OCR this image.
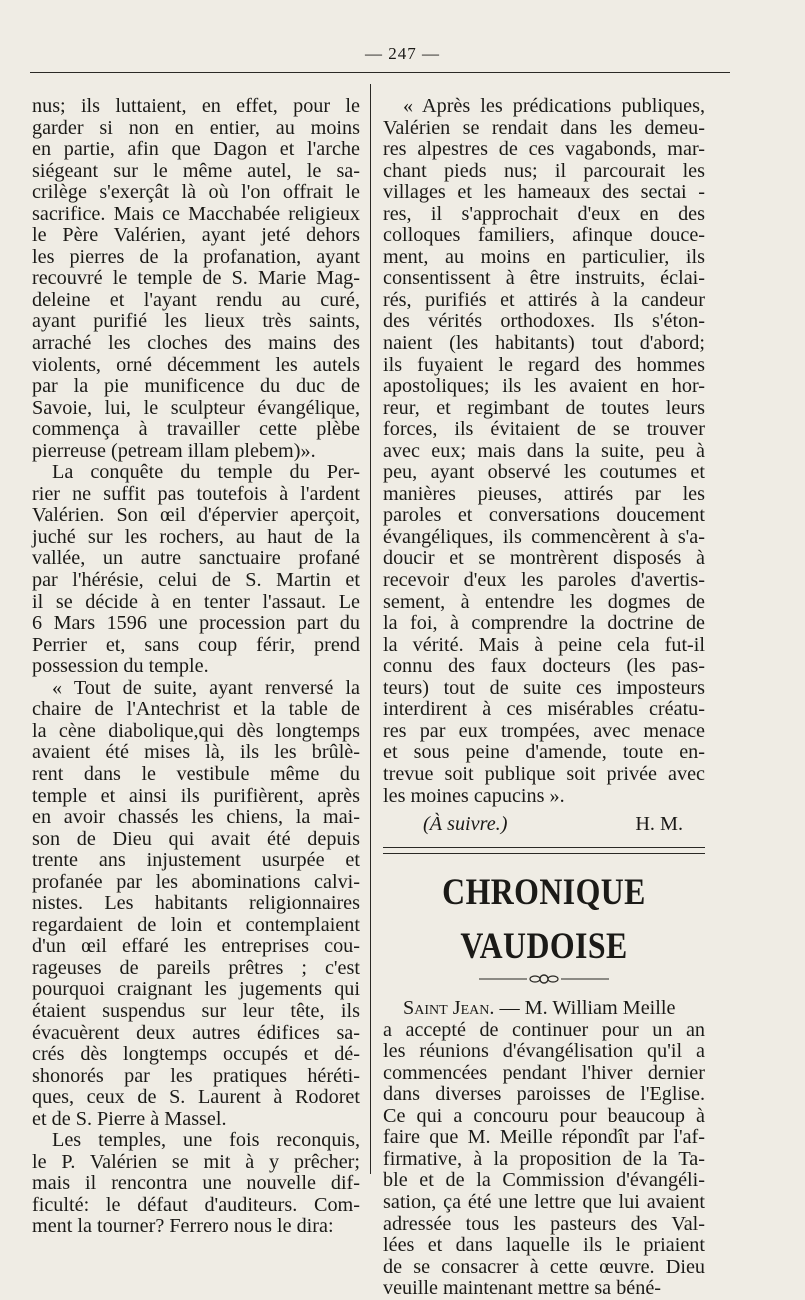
— 247 —
nus; ils luttaient, en effet, pour le
garder si non en entier, au moins
en partie, afin que Dagon et l'arche
siégeant sur le même autel, le sa-
crilège s'exerçât là où l'on offrait le
sacrifice. Mais ce Macchabée religieux
le Père Valérien, ayant jeté dehors
les pierres de la profanation, ayant
recouvré le temple de S. Marie Mag-
deleine et l'ayant rendu au curé,
ayant purifié les lieux très saints,
arraché les cloches des mains des
violents, orné décemment les autels
par la pie munificence du duc de
Savoie, lui, le sculpteur évangélique,
commença à travailler cette plèbe
pierreuse (petream illam plebem)».
La conquête du temple du Per-
rier ne suffit pas toutefois à l'ardent
Valérien. Son œil d'épervier aperçoit,
juché sur les rochers, au haut de la
vallée, un autre sanctuaire profané
par l'hérésie, celui de S. Martin et
il se décide à en tenter l'assaut. Le
6 Mars 1596 une procession part du
Perrier et, sans coup férir, prend
possession du temple.
« Tout de suite, ayant renversé la
chaire de l'Antechrist et la table de
la cène diabolique,qui dès longtemps
avaient été mises là, ils les brûlè-
rent dans le vestibule même du
temple et ainsi ils purifièrent, après
en avoir chassés les chiens, la mai-
son de Dieu qui avait été depuis
trente ans injustement usurpée et
profanée par les abominations calvi-
nistes. Les habitants religionnaires
regardaient de loin et contemplaient
d'un œil effaré les entreprises cou-
rageuses de pareils prêtres ; c'est
pourquoi craignant les jugements qui
étaient suspendus sur leur tête, ils
évacuèrent deux autres édifices sa-
crés dès longtemps occupés et dé-
shonorés par les pratiques héréti-
ques, ceux de S. Laurent à Rodoret
et de S. Pierre à Massel.
Les temples, une fois reconquis,
le P. Valérien se mit à y prêcher;
mais il rencontra une nouvelle dif-
ficulté: le défaut d'auditeurs. Com-
ment la tourner? Ferrero nous le dira:
« Après les prédications publiques,
Valérien se rendait dans les demeu-
res alpestres de ces vagabonds, mar-
chant pieds nus; il parcourait les
villages et les hameaux des sectai -
res, il s'approchait d'eux en des
colloques familiers, afinque douce-
ment, au moins en particulier, ils
consentissent à être instruits, éclai-
rés, purifiés et attirés à la candeur
des vérités orthodoxes. Ils s'éton-
naient (les habitants) tout d'abord;
ils fuyaient le regard des hommes
apostoliques; ils les avaient en hor-
reur, et regimbant de toutes leurs
forces, ils évitaient de se trouver
avec eux; mais dans la suite, peu à
peu, ayant observé les coutumes et
manières pieuses, attirés par les
paroles et conversations doucement
évangéliques, ils commencèrent à s'a-
doucir et se montrèrent disposés à
recevoir d'eux les paroles d'avertis-
sement, à entendre les dogmes de
la foi, à comprendre la doctrine de
la vérité. Mais à peine cela fut-il
connu des faux docteurs (les pas-
teurs) tout de suite ces imposteurs
interdirent à ces misérables créatu-
res par eux trompées, avec menace
et sous peine d'amende, toute en-
trevue soit publique soit privée avec
les moines capucins ».
(À suivre.)	H. M.
CHRONIQUE VAUDOISE
Saint Jean. — M. William Meille
a accepté de continuer pour un an
les réunions d'évangélisation qu'il a
commencées pendant l'hiver dernier
dans diverses paroisses de l'Eglise.
Ce qui a concouru pour beaucoup à
faire que M. Meille répondît par l'af-
firmative, à la proposition de la Ta-
ble et de la Commission d'évangéli-
sation, ça été une lettre que lui avaient
adressée tous les pasteurs des Val-
lées et dans laquelle ils le priaient
de se consacrer à cette œuvre. Dieu
veuille maintenant mettre sa béné-
